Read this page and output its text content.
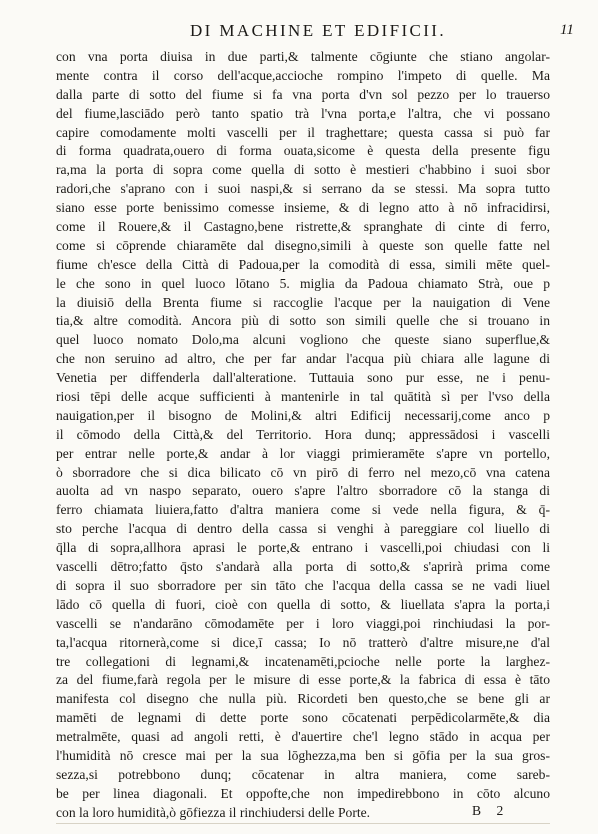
DI MACHINE ET EDIFICII.	11
con vna porta diuisa in due parti,& talmente cōgiunte che stiano angolar-
mente contra il corso dell'acque,accioche rompino l'impeto di quelle. Ma
dalla parte di sotto del fiume si fa vna porta d'vn sol pezzo per lo trauerso
del fiume,lasciādo però tanto spatio trà l'vna porta,e l'altra, che vi possano
capire comodamente molti vascelli per il traghettare; questa cassa si può far
di forma quadrata,ouero di forma ouata,sicome è questa della presente figu
ra,ma la porta di sopra come quella di sotto è mestieri c'habbino i suoi sbor
radori,che s'aprano con i suoi naspi,& si serrano da se stessi. Ma sopra tutto
siano esse porte benissimo comesse insieme, & di legno atto à nō infracidirsi,
come il Rouere,& il Castagno,bene ristrette,& spranghate di cinte di ferro,
come si cōprende chiaramēte dal disegno,simili à queste son quelle fatte nel
fiume ch'esce della Città di Padoua,per la comodità di essa, simili mēte quel-
le che sono in quel luoco lōtano 5. miglia da Padoua chiamato Strà, oue p
la diuisiō della Brenta fiume si raccoglie l'acque per la nauigation di Vene
tia,& altre comodità. Ancora più di sotto son simili quelle che si trouano in
quel luoco nomato Dolo,ma alcuni vogliono che queste siano superflue,&
che non seruino ad altro, che per far andar l'acqua più chiara alle lagune di
Venetia per diffenderla dall'alteratione. Tuttauia sono pur esse, ne i penu-
riosi tēpi delle acque sufficienti à mantenirle in tal quātità sì per l'vso della
nauigation,per il bisogno de Molini,& altri Edificij necessarij,come anco p
il cōmodo della Città,& del Territorio. Hora dunq; appressādosi i vascelli
per entrar nelle porte,& andar à lor viaggi primieramēte s'apre vn portello,
ò sborradore che si dica bilicato cō vn pirō di ferro nel mezo,cō vna catena
auolta ad vn naspo separato, ouero s'apre l'altro sborradore cō la stanga di
ferro chiamata liuiera,fatto d'altra maniera come si vede nella figura, & q̄-
sto perche l'acqua di dentro della cassa si venghi à pareggiare col liuello di
q̄lla di sopra,allhora aprasi le porte,& entrano i vascelli,poi chiudasi con li
vascelli dētro;fatto q̄sto s'andarà alla porta di sotto,& s'aprirà prima come
di sopra il suo sborradore per sin tāto che l'acqua della cassa se ne vadi liuel
lādo cō quella di fuori, cioè con quella di sotto, & liuellata s'apra la porta,i
vascelli se n'andarāno cōmodamēte per i loro viaggi,poi rinchiudasi la por-
ta,l'acqua ritornerà,come si dice,ī cassa; Io nō tratterò d'altre misure,ne d'al
tre collegationi di legnami,& incatenamēti,pcioche nelle porte la larghez-
za del fiume,farà regola per le misure di esse porte,& la fabrica di essa è tāto
manifesta col disegno che nulla più. Ricordeti ben questo,che se bene gli ar
mamēti de legnami di dette porte sono cōcatenati perpēdicolarmēte,& dia
metralmēte, quasi ad angoli retti, è d'auertire che'l legno stādo in acqua per
l'humidità nō cresce mai per la sua lōghezza,ma ben si gōfia per la sua gros-
sezza,si potrebbono dunq; cōcatenar in altra maniera, come sareb-
be per linea diagonali. Et oppofte,che non impedirebbono in cōto alcuno
con la loro humidità,ò gōfiezza il rinchiudersi delle Porte.	B 2
